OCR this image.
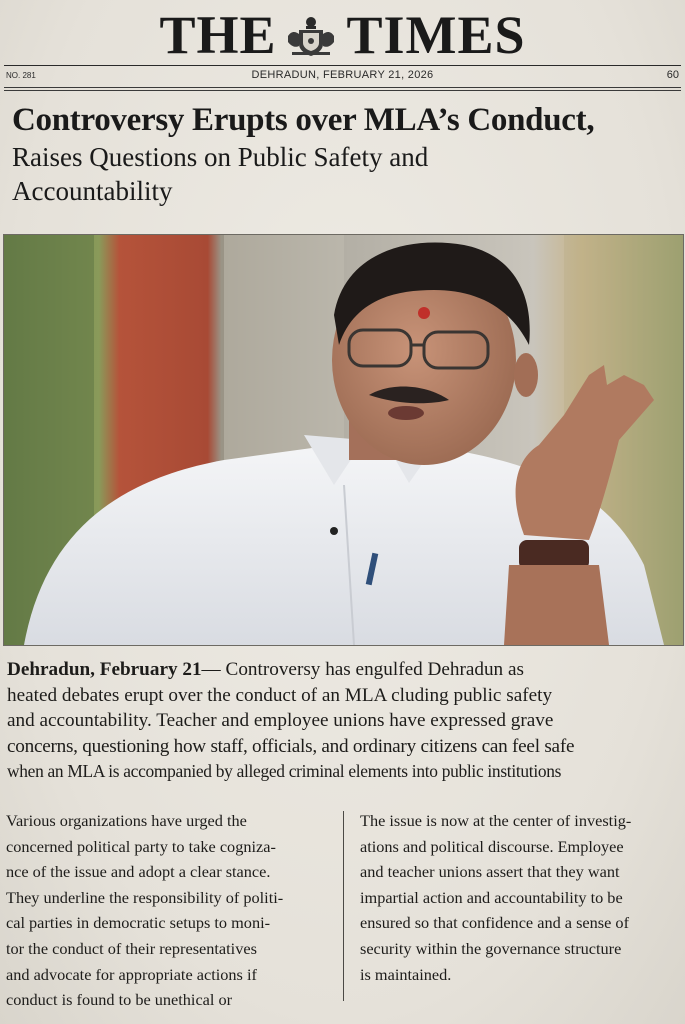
THE TIMES
NO. 281	DEHRADUN, FEBRUARY 21, 2026	60
Controversy Erupts over MLA’s Conduct,
Raises Questions on Public Safety and
Accountability
Dehradun, February 21— Controversy has engulfed Dehradun as
heated debates erupt over the conduct of an MLA cluding public safety
and accountability. Teacher and employee unions have expressed grave
concerns, questioning how staff, officials, and ordinary citizens can feel safe
when an MLA is accompanied by alleged criminal elements into public institutions
Various organizations have urged the
concerned political party to take cogniza-
nce of the issue and adopt a clear stance.
They underline the responsibility of politi-
cal parties in democratic setups to moni-
tor the conduct of their representatives
and advocate for appropriate actions if
conduct is found to be unethical or
The issue is now at the center of investig-
ations and political discourse. Employee
and teacher unions assert that they want
impartial action and accountability to be
ensured so that confidence and a sense of
security within the governance structure
is maintained.
